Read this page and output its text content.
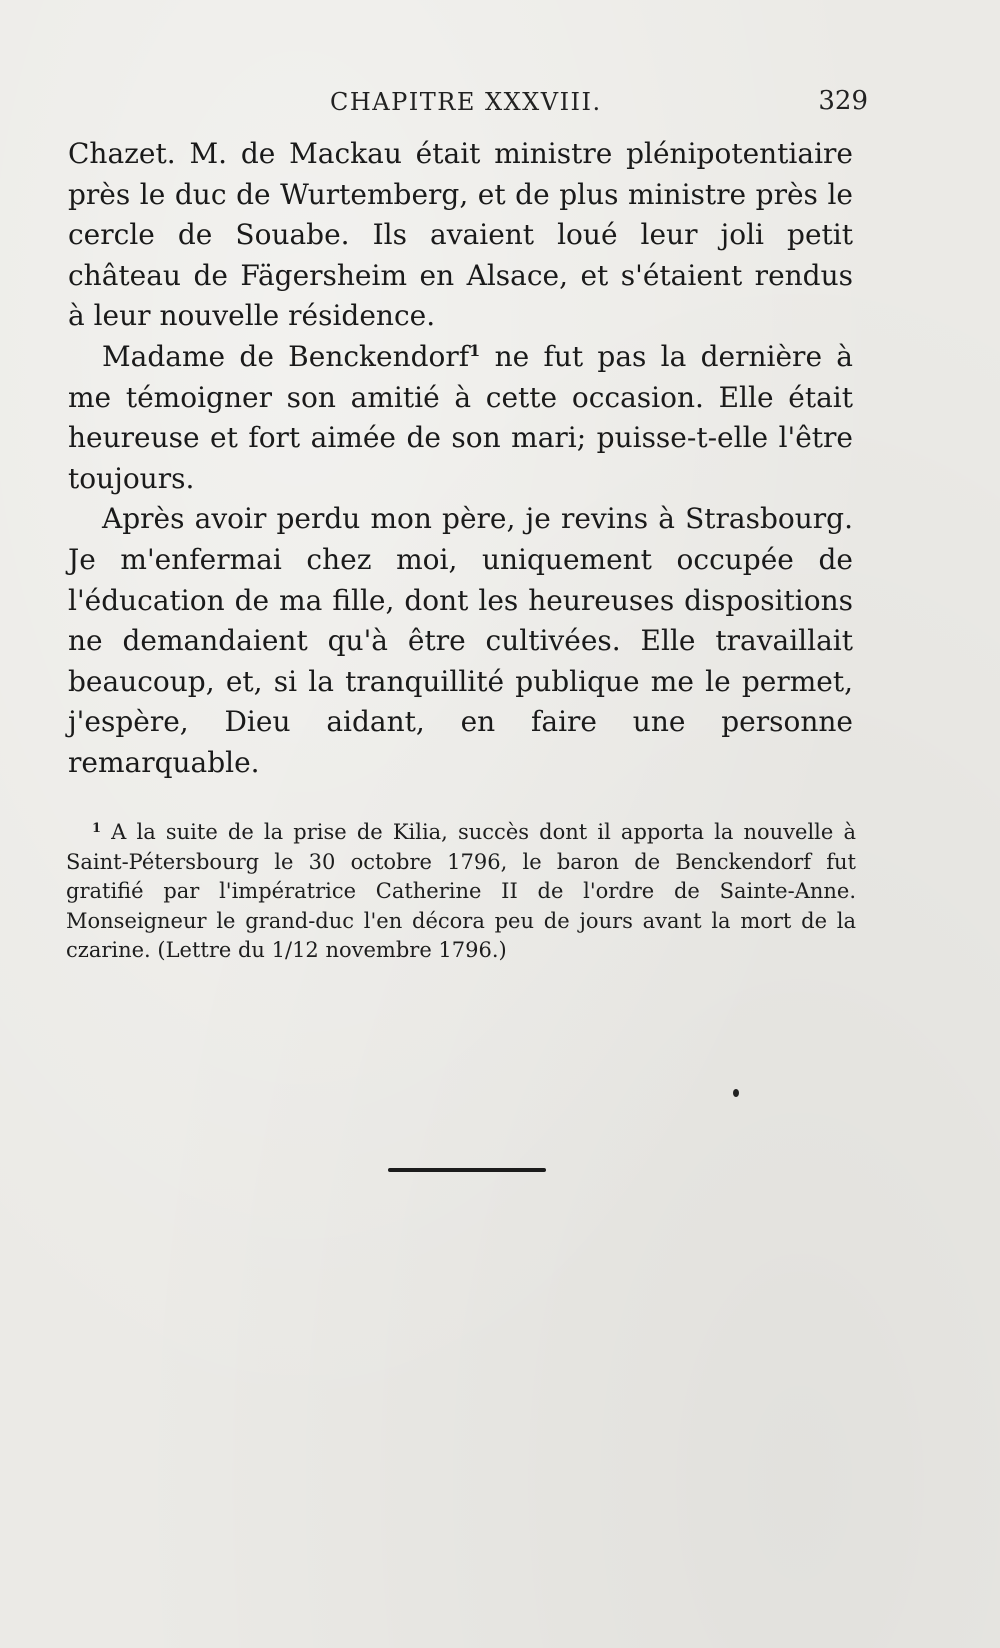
CHAPITRE XXXVIII.	329

Chazet. M. de Mackau était ministre plénipotentiaire près le duc de Wurtemberg, et de plus ministre près le cercle de Souabe. Ils avaient loué leur joli petit château de Fägersheim en Alsace, et s'étaient rendus à leur nouvelle résidence.

Madame de Benckendorf$^1$ ne fut pas la dernière à me témoigner son amitié à cette occasion. Elle était heureuse et fort aimée de son mari; puisse-t-elle l'être toujours.

Après avoir perdu mon père, je revins à Strasbourg. Je m'enfermai chez moi, uniquement occupée de l'éducation de ma fille, dont les heureuses dispositions ne demandaient qu'à être cultivées. Elle travaillait beaucoup, et, si la tranquillité publique me le permet, j'espère, Dieu aidant, en faire une personne remarquable.

$^1$ A la suite de la prise de Kilia, succès dont il apporta la nouvelle à Saint-Pétersbourg le 30 octobre 1796, le baron de Benckendorf fut gratifié par l'impératrice Catherine II de l'ordre de Sainte-Anne. Monseigneur le grand-duc l'en décora peu de jours avant la mort de la czarine. (Lettre du 1/12 novembre 1796.)
